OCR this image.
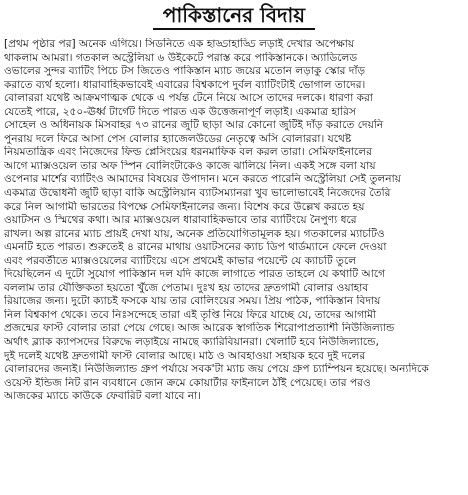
পাকিস্তানের বিদায়
[প্রথম পৃষ্ঠার পর] অনেক এগিয়ে। সিডনিতে এক হাড্ডাহাড্ডি লড়াই দেখার অপেক্ষায়
থাকলাম আমরা। গতকাল অস্ট্রেলিয়া ৬ উইকেটে পরাস্ত করে পাকিস্তানকে। অ্যাডিলেড
ওভালের সুন্দর ব্যাটিং পিচে টস জিতেও পাকিস্তান ম্যাচ জয়ের মতোন লড়াকু স্কোর দাঁড়
করাতে ব্যর্থ হলো। ধারাবাহিকভাবেই এবারের বিশ্বকাপে দুর্বল ব্যাটিংটাই ভোগাল তাদের।
বোলাররা যথেষ্ট আক্রমণাত্মক থেকে এ পর্যন্ত টেনে নিয়ে আসে তাদের দলকে। ধারণা করা
যেতেই পারে, ২৫০-ঊর্ধ্ব টার্গেট দিতে পারত এক উত্তেজনাপূর্ণ লড়াই। একমাত্র হারিস
সোহেল ও অধিনায়ক মিসবাহর ৭৩ রানের জুটি ছাড়া আর কোনো জুটিই দাঁড় করাতে দেয়নি
পুনরায় দলে ফিরে আসা পেস বোলার হ্যাজেলউডের নেতৃত্বে অসি বোলাররা। যথেষ্ট
নিয়মতান্ত্রিক এবং নিজেদের ফিল্ড প্লেসিংয়ের ধরনমাফিক বল করল তারা। সেমিফাইনালের
আগে ম্যাক্সওয়েল তার অফ স্পিন বোলিংটাকেও কাজে ঝালিয়ে নিল। একই সঙ্গে বলা যায়
ওপেনার মার্শের ব্যাটিংও আমাদের বিষয়ের উপাদান। মনে করতে পারেনি অস্ট্রেলিয়া সেই তুলনায়
একমাত্র উদ্বোধনী জুটি ছাড়া বাকি অস্ট্রেলিয়ান ব্যাটসম্যানরা খুব ভালোভাবেই নিজেদের তৈরি
করে নিল আগামী ভারতের বিপক্ষে সেমিফাইনালের জন্য। বিশেষ করে উল্লেখ করতে হয়
ওয়াটসন ও স্মিথের কথা। আর ম্যাক্সওয়েল ধারাবাহিকভাবে তার ব্যাটিংয়ে নৈপুণ্য ধরে
রাখল। অল্প রানের ম্যাচ প্রায়ই দেখা যায়, অনেক প্রতিযোগিতামূলক হয়। গতকালের ম্যাচটিও
এমনটি হতে পারত। শুরুতেই ৪ রানের মাথায় ওয়াটসনের ক্যাচ ডিপ থার্ডম্যানে ফেলে দেওয়া
এবং পরবর্তীতে ম্যাক্সওয়েলের ব্যাটিংয়ে এসে প্রথমেই কাভার পয়েন্টে যে ক্যাচটি তুলে
দিয়েছিলেন এ দুটো সুযোগ পাকিস্তান দল যদি কাজে লাগাতে পারত তাহলে যে কথাটি আগে
বললাম তার যৌক্তিকতা হয়তো খুঁজে পেতাম। দুঃখ হয় তাদের দ্রুতগামী বোলার ওয়াহাব
রিয়াজের জন্য। দুটো ক্যাচই ফসকে যায় তার বোলিংয়ের সময়। প্রিয় পাঠক, পাকিস্তান বিদায়
নিল বিশ্বকাপ থেকে। তবে নিঃসন্দেহে তারা এই তৃপ্তি নিয়ে ফিরে যাচ্ছে যে, তাদের আগামী
প্রজন্মের ফাস্ট বোলার তারা পেয়ে গেছে। আজ আরেক স্বাগতিক শিরোপাপ্রত্যাশী নিউজিল্যান্ড
অর্থাৎ ব্ল্যাক ক্যাপসদের বিরুদ্ধে লড়াইয়ে নামছে ক্যারিবিয়ানরা। খেলাটি হবে নিউজিল্যান্ডে,
দুই দলেই যথেষ্ট দ্রুতগামী ফাস্ট বোলার আছে। মাঠ ও আবহাওয়া সহায়ক হবে দুই দলের
বোলারদের জন্যই। নিউজিল্যান্ড গ্রুপ পর্যায়ে সবক'টা ম্যাচ জয় পেয়ে গ্রুপ চ্যাম্পিয়ন হয়েছে। অন্যদিকে
ওয়েস্ট ইন্ডিজ নিট রান ব্যবধানে জোন ক্রমে কোয়ার্টার ফাইনালে ঠাঁই পেয়েছে। তার পরও
আজকের ম্যাচে কাউকে ফেবারিট বলা যাবে না।
